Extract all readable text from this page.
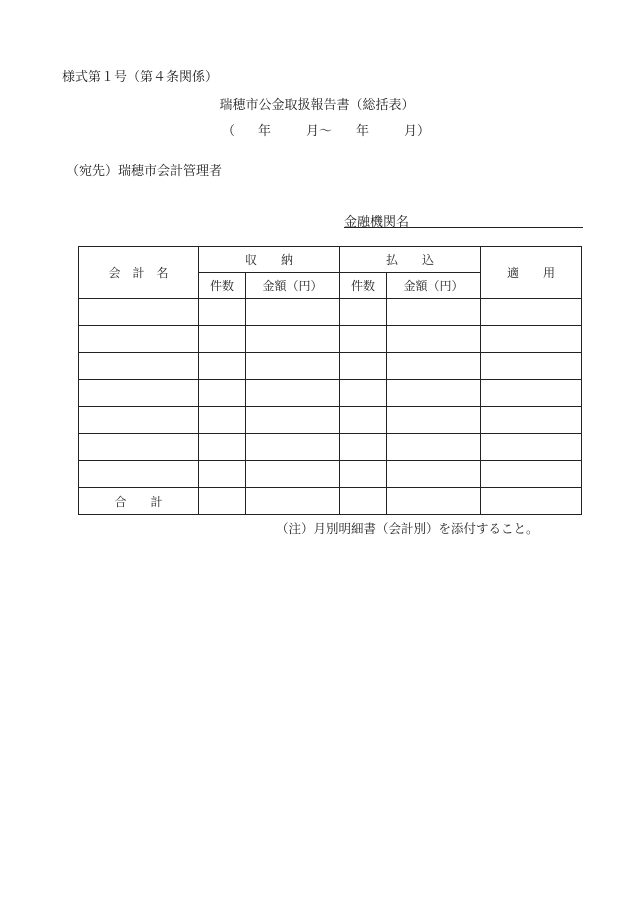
様式第１号（第４条関係）
瑞穂市公金取扱報告書（総括表）
（ 年	月〜 年	月）
（宛先）瑞穂市会計管理者
金融機関名
会　計　名	収　　納		払　　込		適　　用
	件数	金額（円）	件数	金額（円）	

合　　計					
（注）月別明細書（会計別）を添付すること。
